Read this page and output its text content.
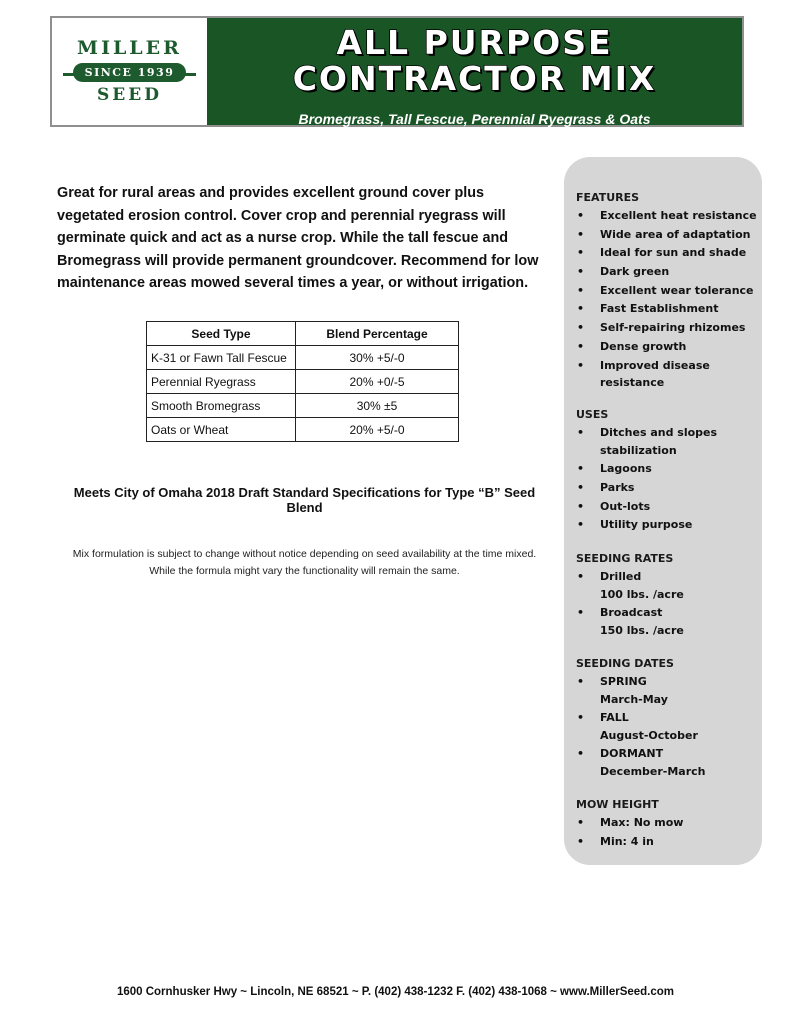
MILLER
SINCE 1939
SEED
ALL PURPOSE
CONTRACTOR MIX
Bromegrass, Tall Fescue, Perennial Ryegrass & Oats
Great for rural areas and provides excellent ground cover plus vegetated erosion control. Cover crop and perennial ryegrass will germinate quick and act as a nurse crop. While the tall fescue and Bromegrass will provide permanent groundcover. Recommend for low maintenance areas mowed several times a year, or without irrigation.
Seed Type	Blend Percentage
K-31 or Fawn Tall Fescue	30% +5/-0
Perennial Ryegrass	20% +0/-5
Smooth Bromegrass	30% ±5
Oats or Wheat	20% +5/-0
Meets City of Omaha 2018 Draft Standard Specifications for Type “B” Seed Blend
Mix formulation is subject to change without notice depending on seed availability at the time mixed.
While the formula might vary the functionality will remain the same.
FEATURES
• Excellent heat resistance
• Wide area of adaptation
• Ideal for sun and shade
• Dark green
• Excellent wear tolerance
• Fast Establishment
• Self-repairing rhizomes
• Dense growth
• Improved disease
resistance
USES
• Ditches and slopes
stabilization
• Lagoons
• Parks
• Out-lots
• Utility purpose
SEEDING RATES
• Drilled
100 lbs. /acre
• Broadcast
150 lbs. /acre
SEEDING DATES
• SPRING
March-May
• FALL
August-October
• DORMANT
December-March
MOW HEIGHT
• Max: No mow
• Min: 4 in
1600 Cornhusker Hwy ~ Lincoln, NE 68521 ~ P. (402) 438-1232 F. (402) 438-1068 ~ www.MillerSeed.com
